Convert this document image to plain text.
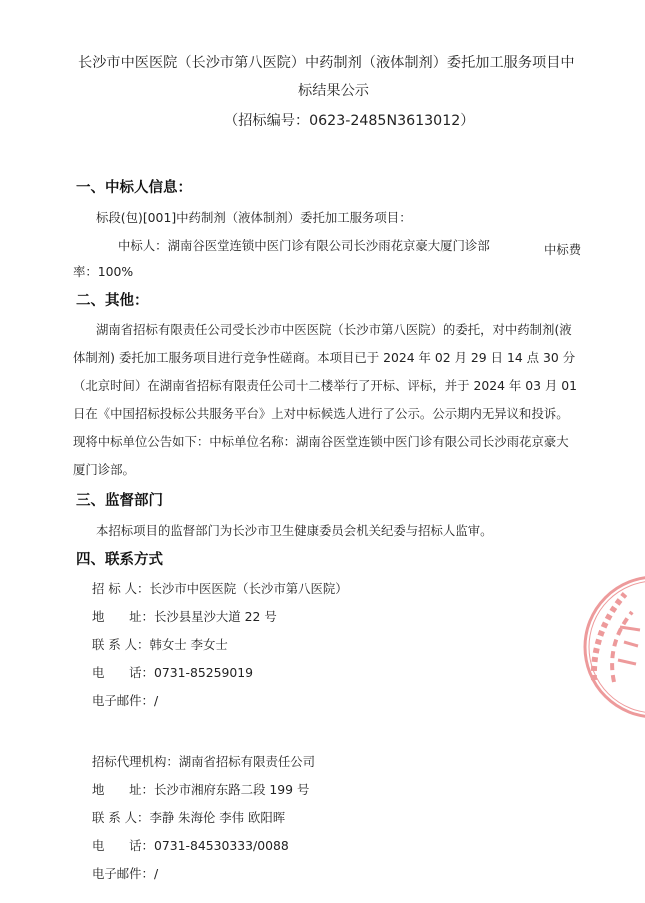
长沙市中医医院（长沙市第八医院）中药制剂（液体制剂）委托加工服务项目中
标结果公示
（招标编号：0623-2485N3613012）
一、中标人信息：
标段(包)[001]中药制剂（液体制剂）委托加工服务项目：
中标人：湖南谷医堂连锁中医门诊有限公司长沙雨花京豪大厦门诊部	中标费
率：100%
二、其他：
湖南省招标有限责任公司受长沙市中医医院（长沙市第八医院）的委托，对中药制剂(液
体制剂) 委托加工服务项目进行竞争性磋商。本项目已于 2024 年 02 月 29 日 14 点 30 分
（北京时间）在湖南省招标有限责任公司十二楼举行了开标、评标，并于 2024 年 03 月 01
日在《中国招标投标公共服务平台》上对中标候选人进行了公示。公示期内无异议和投诉。
现将中标单位公告如下：中标单位名称：湖南谷医堂连锁中医门诊有限公司长沙雨花京豪大
厦门诊部。
三、监督部门
本招标项目的监督部门为长沙市卫生健康委员会机关纪委与招标人监审。
四、联系方式
招 标 人：长沙市中医医院（长沙市第八医院）
地　　址：长沙县星沙大道 22 号
联 系 人：韩女士 李女士
电　　话：0731-85259019
电子邮件：/
招标代理机构：湖南省招标有限责任公司
地　　址：长沙市湘府东路二段 199 号
联 系 人：李静 朱海伦 李伟 欧阳晖
电　　话：0731-84530333/0088
电子邮件：/
